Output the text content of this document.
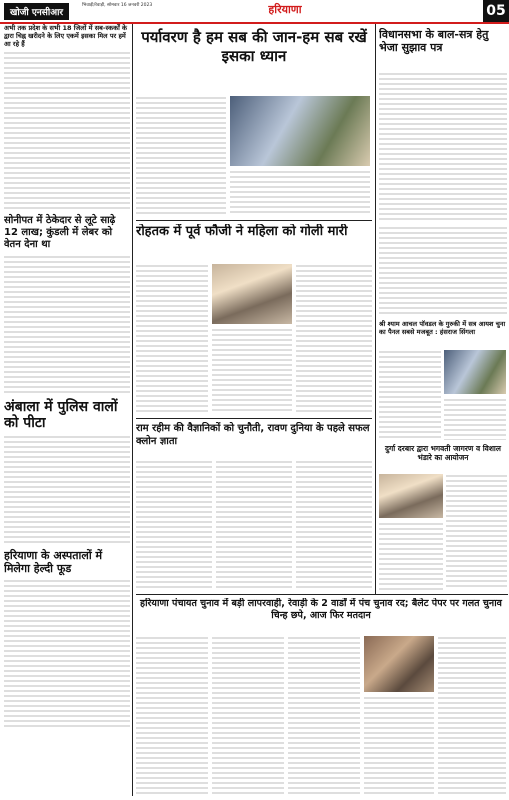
खोजी एनसीआर
भिवाड़ी/रेवाड़ी, सोमवार 16 जनवरी 2023	हरियाणा	05
अभी तक प्रदेश के सभी 18 जिलों में सब-स्कर्कों के द्वारा चिह्न खरीदने के लिए एकमें इसका मिल पर हमें आ रहे हैं
सोनीपत में ठेकेदार से लूटे साढ़े 12 लाख; कुंडली में लेबर को वेतन देना था
अंबाला में पुलिस वालों को पीटा
हरियाणा के अस्पतालों में मिलेगा हेल्दी फूड
पर्यावरण है हम सब की जान-हम सब रखें इसका ध्यान
रोहतक में पूर्व फौजी ने महिला को गोली मारी
राम रहीम की वैज्ञानिकों को चुनौती, रावण दुनिया के पहले सफल क्लोन ज्ञाता
हरियाणा पंचायत चुनाव में बड़ी लापरवाही, रेवाड़ी के 2 वार्डों में पंच चुनाव रद; बैलेट पेपर पर गलत चुनाव चिन्ह छपे, आज फिर मतदान
विधानसभा के बाल-सत्र हेतु भेजा सुझाव पत्र
श्री श्याम आचल पॉवडल के गुरुकी में सत्र आयश चुना का पैनल सबसे मजबूत : हंसराज सिंगला
दुर्गा दरबार द्वारा भगवती जागरण व विशाल भंडारे का आयोजन
